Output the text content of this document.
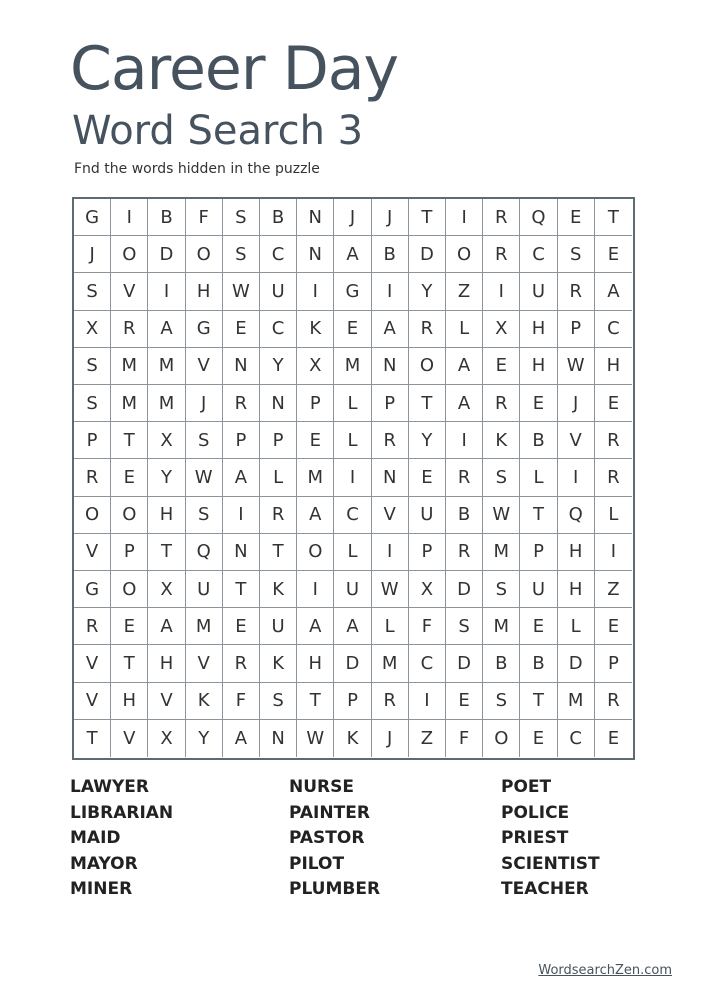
Career Day
Word Search 3
Fnd the words hidden in the puzzle
G	I	B	F	S	B	N	J	J	T	I	R	Q	E	T
J	O	D	O	S	C	N	A	B	D	O	R	C	S	E
S	V	I	H	W	U	I	G	I	Y	Z	I	U	R	A
X	R	A	G	E	C	K	E	A	R	L	X	H	P	C
S	M	M	V	N	Y	X	M	N	O	A	E	H	W	H
S	M	M	J	R	N	P	L	P	T	A	R	E	J	E
P	T	X	S	P	P	E	L	R	Y	I	K	B	V	R
R	E	Y	W	A	L	M	I	N	E	R	S	L	I	R
O	O	H	S	I	R	A	C	V	U	B	W	T	Q	L
V	P	T	Q	N	T	O	L	I	P	R	M	P	H	I
G	O	X	U	T	K	I	U	W	X	D	S	U	H	Z
R	E	A	M	E	U	A	A	L	F	S	M	E	L	E
V	T	H	V	R	K	H	D	M	C	D	B	B	D	P
V	H	V	K	F	S	T	P	R	I	E	S	T	M	R
T	V	X	Y	A	N	W	K	J	Z	F	O	E	C	E
LAWYER
LIBRARIAN
MAID
MAYOR
MINER
NURSE
PAINTER
PASTOR
PILOT
PLUMBER
POET
POLICE
PRIEST
SCIENTIST
TEACHER
WordsearchZen.com
